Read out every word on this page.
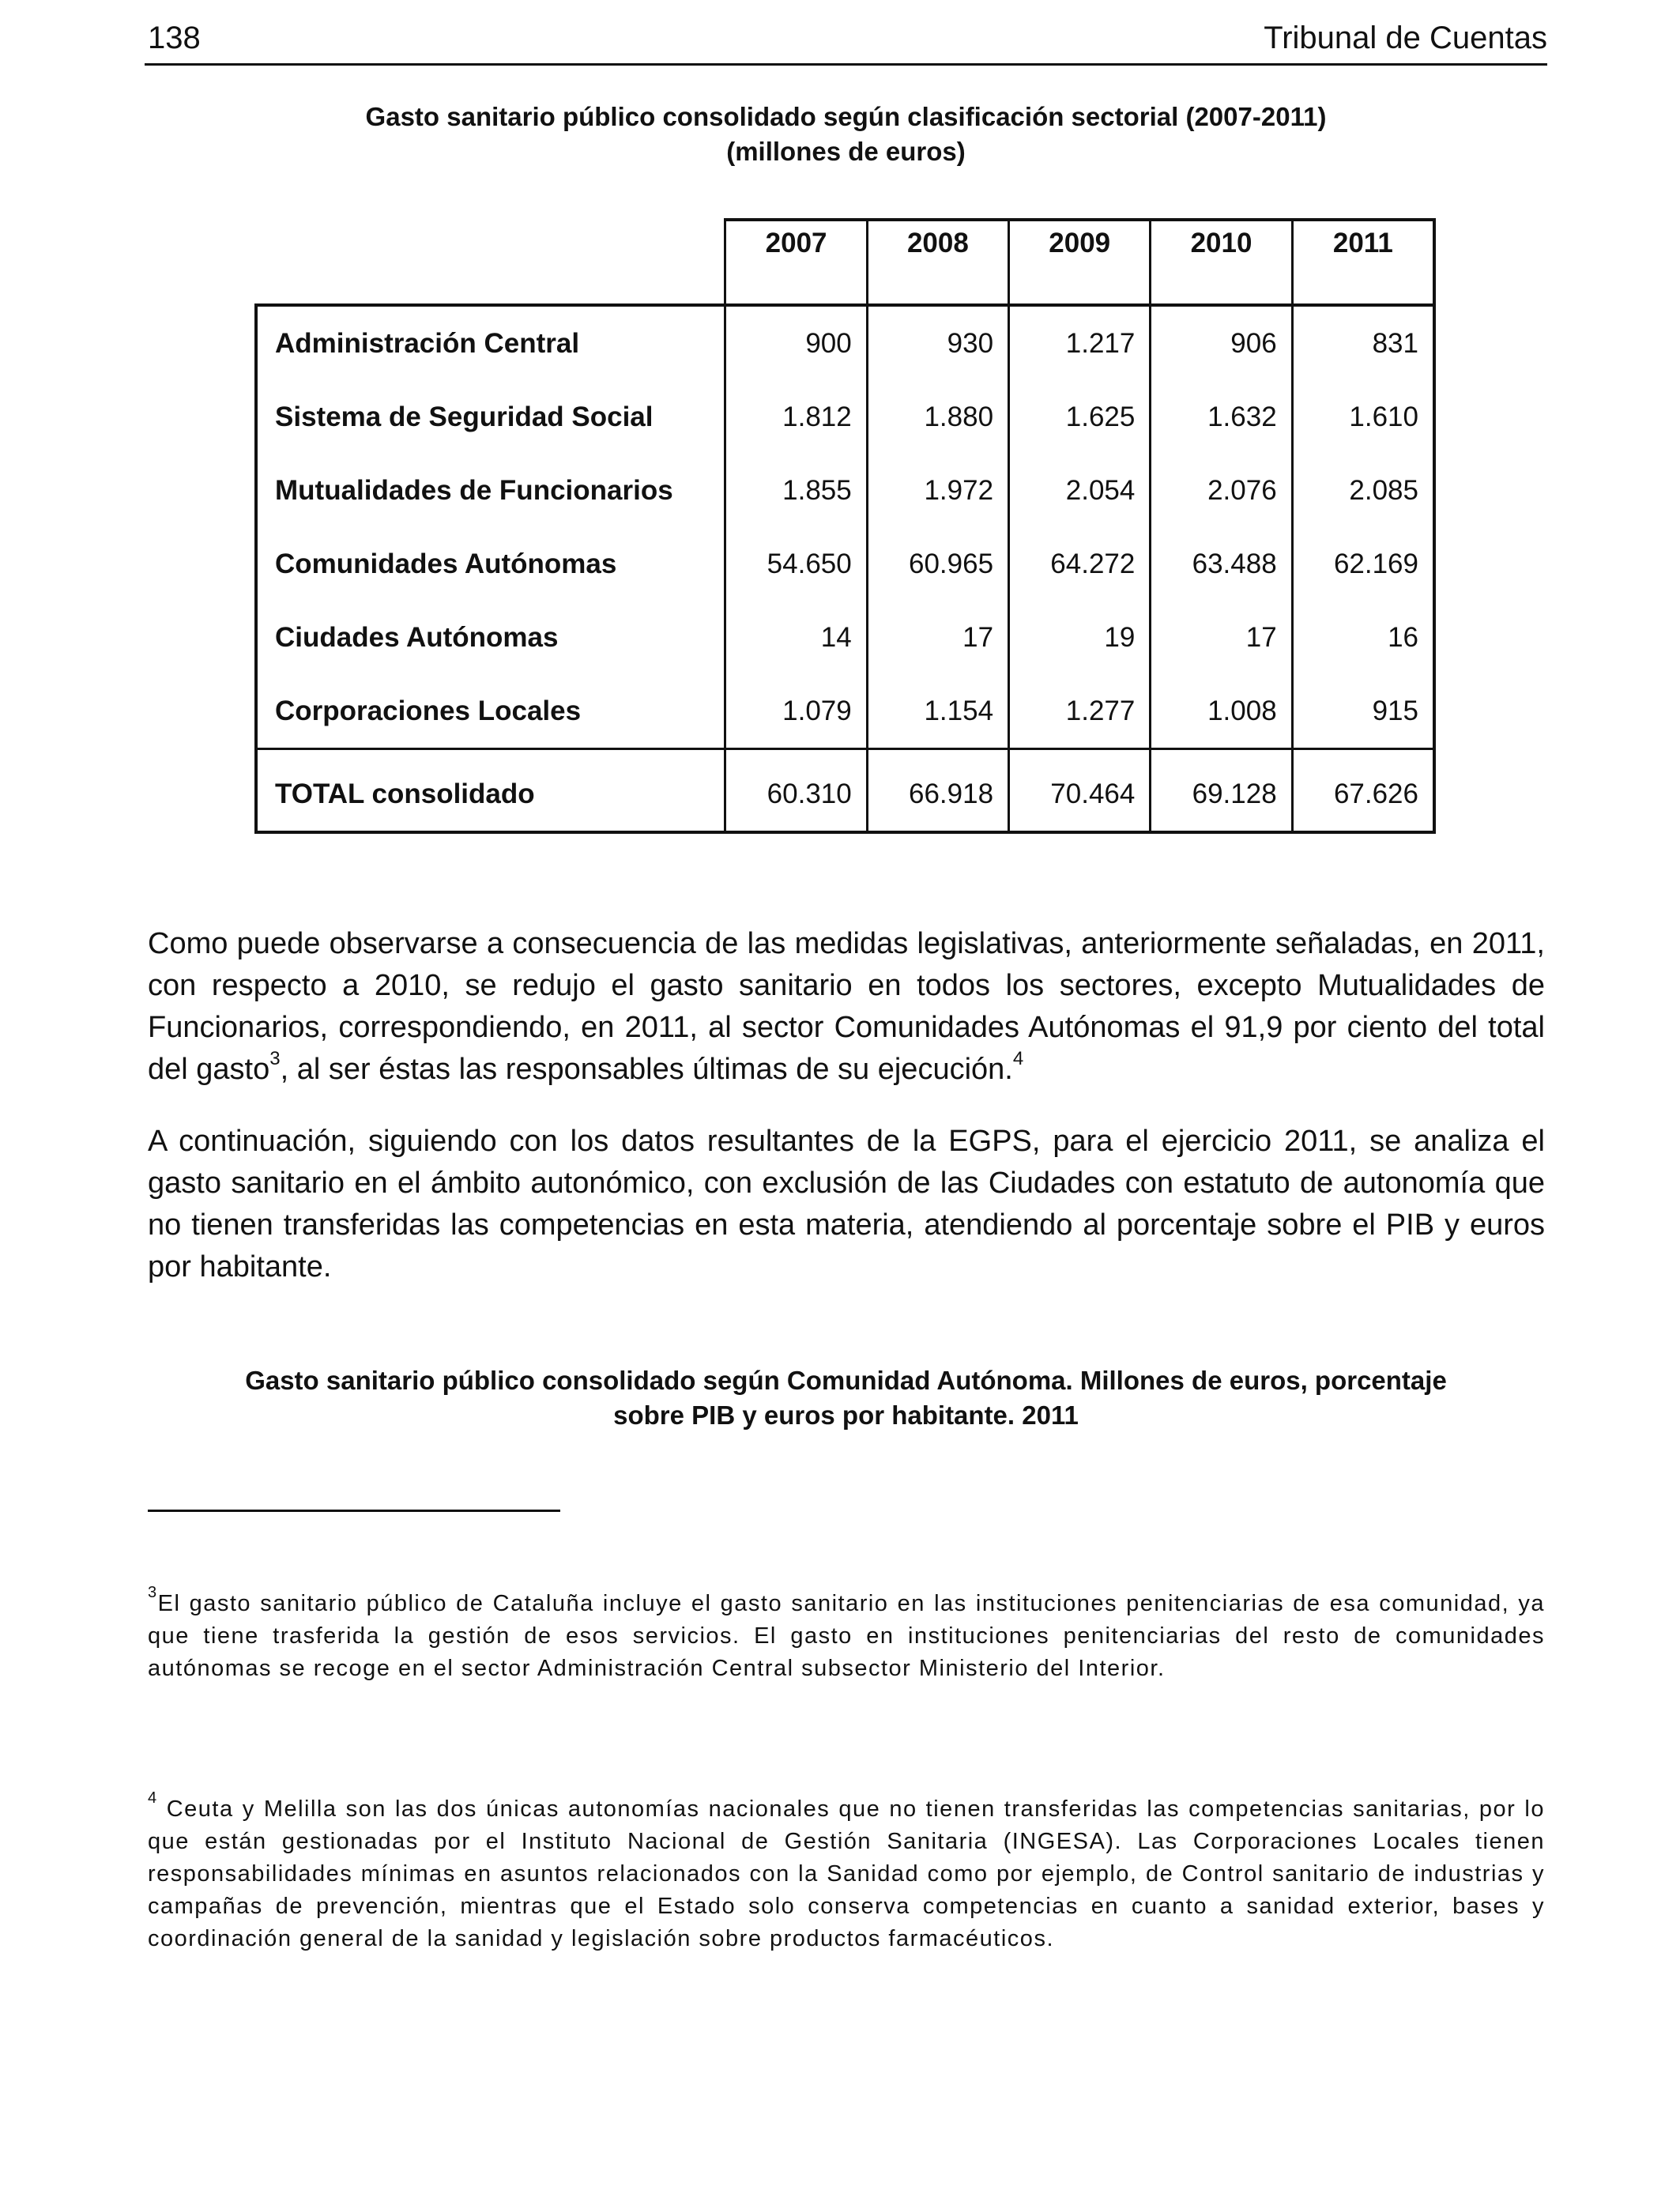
138	Tribunal de Cuentas
Gasto sanitario público consolidado según clasificación sectorial (2007-2011)
(millones de euros)
	2007	2008	2009	2010	2011
Administración Central	900	930	1.217	906	831
Sistema de Seguridad Social	1.812	1.880	1.625	1.632	1.610
Mutualidades de Funcionarios	1.855	1.972	2.054	2.076	2.085
Comunidades Autónomas	54.650	60.965	64.272	63.488	62.169
Ciudades Autónomas	14	17	19	17	16
Corporaciones Locales	1.079	1.154	1.277	1.008	915
TOTAL consolidado	60.310	66.918	70.464	69.128	67.626

Como puede observarse a consecuencia de las medidas legislativas, anteriormente señaladas, en 2011, con respecto a 2010, se redujo el gasto sanitario en todos los sectores, excepto Mutualidades de Funcionarios, correspondiendo, en 2011, al sector Comunidades Autónomas el 91,9 por ciento del total del gasto$^3$, al ser éstas las responsables últimas de su ejecución.$^4$

A continuación, siguiendo con los datos resultantes de la EGPS, para el ejercicio 2011, se analiza el gasto sanitario en el ámbito autonómico, con exclusión de las Ciudades con estatuto de autonomía que no tienen transferidas las competencias en esta materia, atendiendo al porcentaje sobre el PIB y euros por habitante.

Gasto sanitario público consolidado según Comunidad Autónoma. Millones de euros, porcentaje
sobre PIB y euros por habitante. 2011

$^3$El gasto sanitario público de Cataluña incluye el gasto sanitario en las instituciones penitenciarias de esa comunidad, ya que tiene trasferida la gestión de esos servicios. El gasto en instituciones penitenciarias del resto de comunidades autónomas se recoge en el sector Administración Central subsector Ministerio del Interior.

$^4$ Ceuta y Melilla son las dos únicas autonomías nacionales que no tienen transferidas las competencias sanitarias, por lo que están gestionadas por el Instituto Nacional de Gestión Sanitaria (INGESA). Las Corporaciones Locales tienen responsabilidades mínimas en asuntos relacionados con la Sanidad como por ejemplo, de Control sanitario de industrias y campañas de prevención, mientras que el Estado solo conserva competencias en cuanto a sanidad exterior, bases y coordinación general de la sanidad y legislación sobre productos farmacéuticos.
